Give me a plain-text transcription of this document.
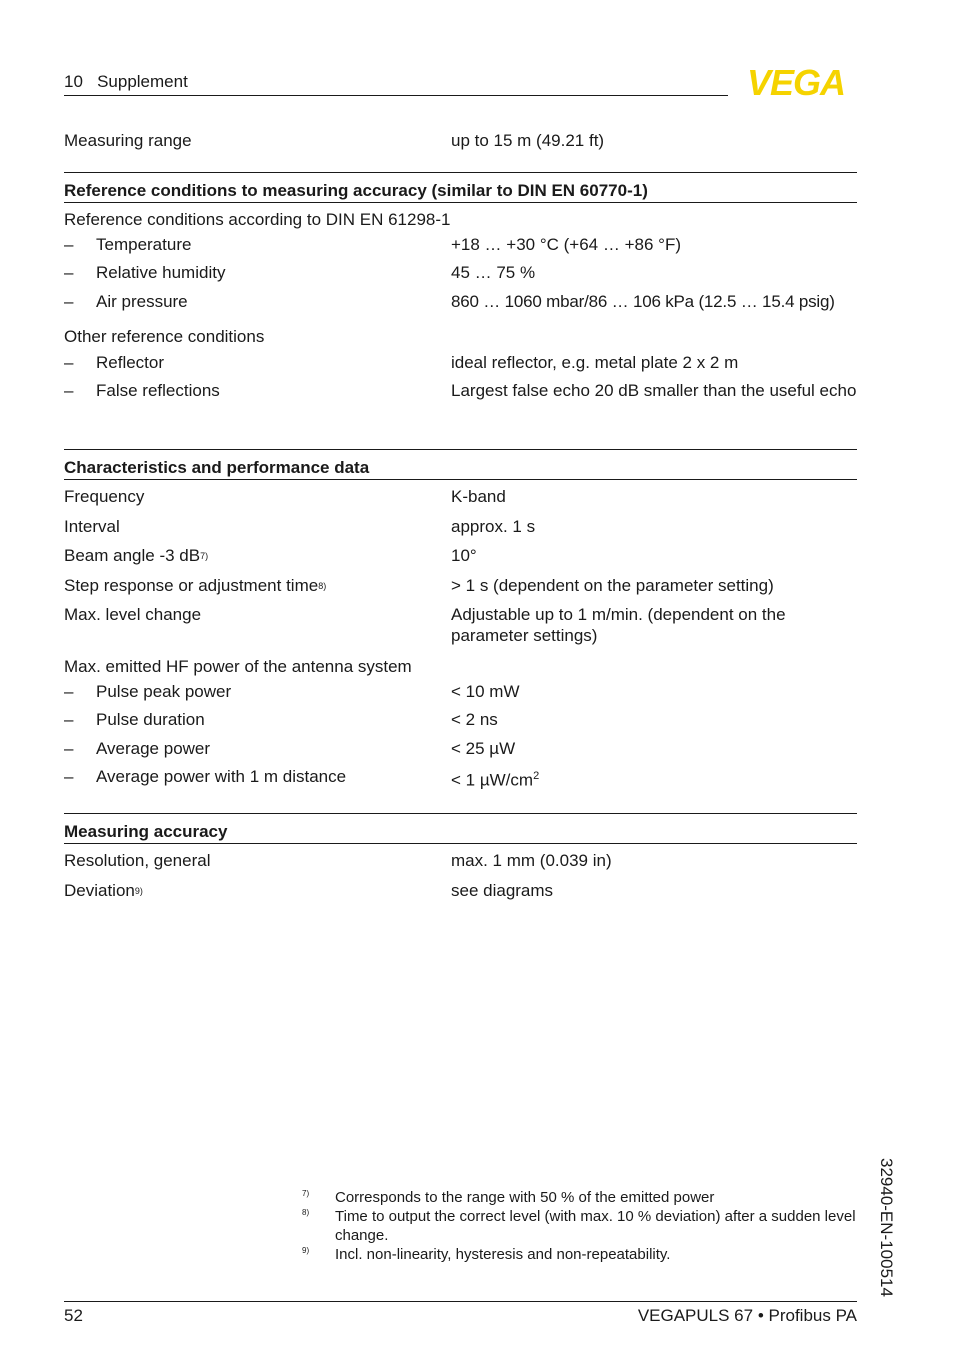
10   Supplement	VEGA
Measuring range	up to 15 m (49.21 ft)
Reference conditions to measuring accuracy (similar to DIN EN 60770-1)
Reference conditions according to DIN EN 61298-1
– Temperature	+18 … +30 °C (+64 … +86 °F)
– Relative humidity	45 … 75 %
– Air pressure	860 … 1060 mbar/86 … 106 kPa (12.5 … 15.4 psig)
Other reference conditions
– Reflector	ideal reflector, e.g. metal plate 2 x 2 m
– False reflections	Largest false echo 20 dB smaller than the useful echo
Characteristics and performance data
Frequency	K-band
Interval	approx. 1 s
Beam angle -3 dB7)	10°
Step response or adjustment time8)	> 1 s (dependent on the parameter setting)
Max. level change	Adjustable up to 1 m/min. (dependent on the parameter settings)
Max. emitted HF power of the antenna system
– Pulse peak power	< 10 mW
– Pulse duration	< 2 ns
– Average power	< 25 µW
– Average power with 1 m distance	< 1 $\mu W/cm^2$
Measuring accuracy
Resolution, general	max. 1 mm (0.039 in)
Deviation9)	see diagrams
7) Corresponds to the range with 50 % of the emitted power
8) Time to output the correct level (with max. 10 % deviation) after a sudden level change.
9) Incl. non-linearity, hysteresis and non-repeatability.	32940-EN-100514
52	VEGAPULS 67 • Profibus PA
